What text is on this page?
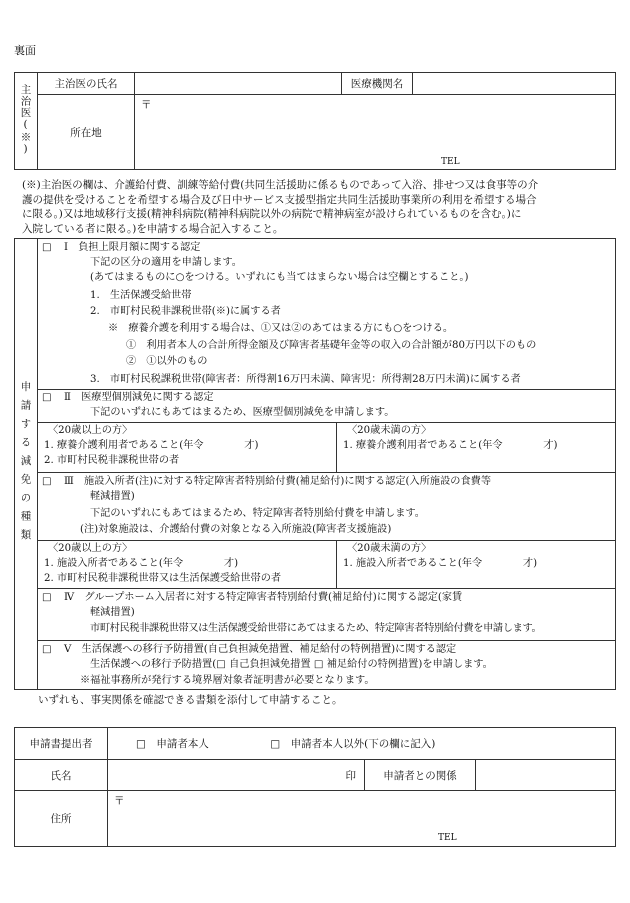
裏面
主治医(※)	主治医の氏名		医療機関名	
	所在地	〒
TEL		
(※)主治医の欄は、介護給付費、訓練等給付費(共同生活援助に係るものであって入浴、排せつ又は食事等の介
護の提供を受けることを希望する場合及び日中サービス支援型指定共同生活援助事業所の利用を希望する場合
に限る。)又は地域移行支援(精神科病院(精神科病院以外の病院で精神病室が設けられているものを含む。)に
入院している者に限る。)を申請する場合記入すること。
申請する減免の種類
□ Ⅰ　負担上限月額に関する認定
下記の区分の適用を申請します。
(あてはまるものに○をつける。いずれにも当てはまらない場合は空欄とすること。)
1.　生活保護受給世帯
2.　市町村民税非課税世帯(※)に属する者
※　療養介護を利用する場合は、①又は②のあてはまる方にも○をつける。
①　利用者本人の合計所得金額及び障害者基礎年金等の収入の合計額が80万円以下のもの
②　①以外のもの
3.　市町村民税課税世帯(障害者：所得割16万円未満、障害児：所得割28万円未満)に属する者
□ Ⅱ　医療型個別減免に関する認定
下記のいずれにもあてはまるため、医療型個別減免を申請します。
〈20歳以上の方〉
1. 療養介護利用者であること(年令　　　　才)
2. 市町村民税非課税世帯の者
〈20歳未満の方〉
1. 療養介護利用者であること(年令　　　　才)
□ Ⅲ　施設入所者(注)に対する特定障害者特別給付費(補足給付)に関する認定(入所施設の食費等
軽減措置)
下記のいずれにもあてはまるため、特定障害者特別給付費を申請します。
(注)対象施設は、介護給付費の対象となる入所施設(障害者支援施設)
〈20歳以上の方〉
1. 施設入所者であること(年令　　　　才)
2. 市町村民税非課税世帯又は生活保護受給世帯の者
〈20歳未満の方〉
1. 施設入所者であること(年令　　　　才)
□ Ⅳ　グループホーム入居者に対する特定障害者特別給付費(補足給付)に関する認定(家賃
軽減措置)
市町村民税非課税世帯又は生活保護受給世帯にあてはまるため、特定障害者特別給付費を申請します。
□ Ⅴ　生活保護への移行予防措置(自己負担減免措置、補足給付の特例措置)に関する認定
生活保護への移行予防措置(□ 自己負担減免措置 □ 補足給付の特例措置)を申請します。
※福祉事務所が発行する境界層対象者証明書が必要となります。
いずれも、事実関係を確認できる書類を添付して申請すること。
申請書提出者	□　申請者本人 □　申請者本人以外(下の欄に記入)		
氏名	印	申請者との関係	
住所	〒
TEL		
